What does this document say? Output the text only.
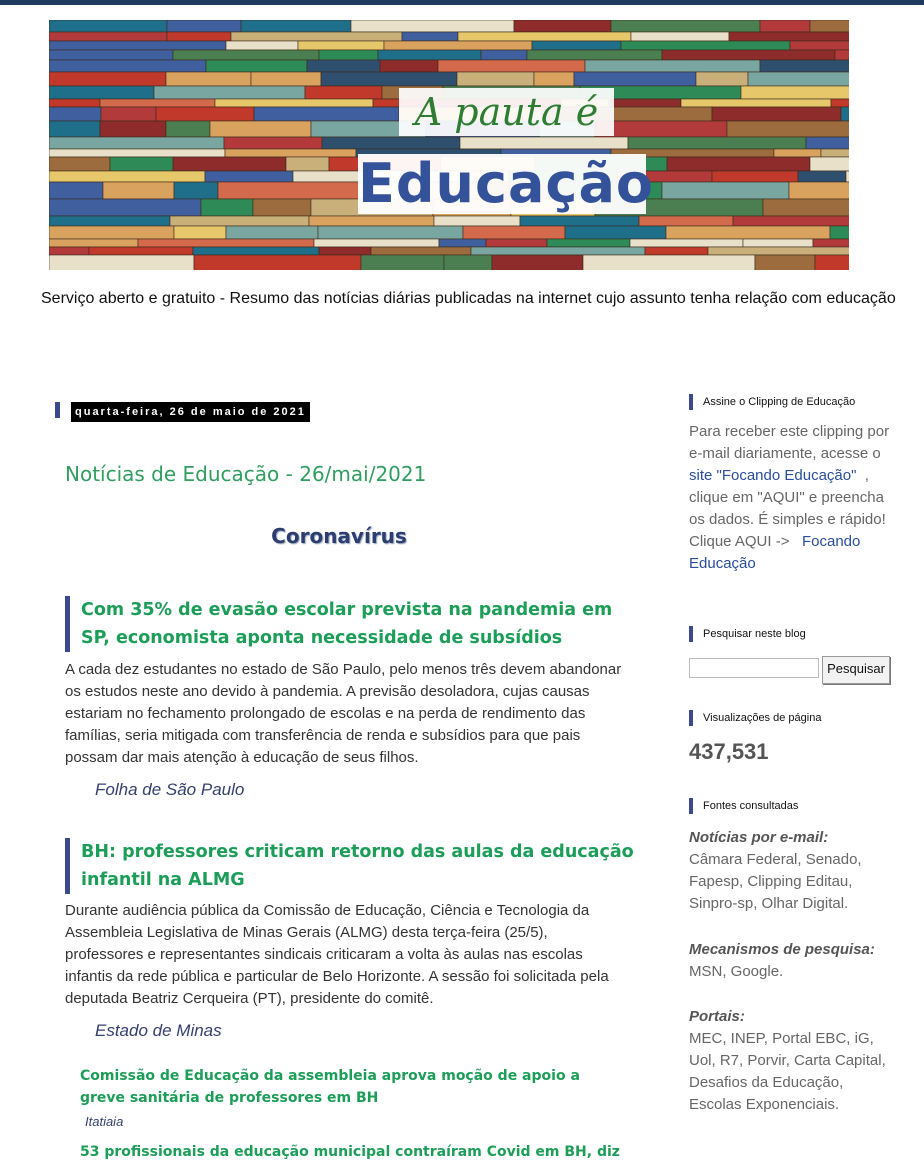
A pauta é
Educação
Serviço aberto e gratuito - Resumo das notícias diárias publicadas na internet cujo assunto tenha relação com educação
quarta-feira, 26 de maio de 2021
Notícias de Educação - 26/mai/2021
Coronavírus
Com 35% de evasão escolar prevista na pandemia em SP, economista aponta necessidade de subsídios
A cada dez estudantes no estado de São Paulo, pelo menos três devem abandonar os estudos neste ano devido à pandemia. A previsão desoladora, cujas causas estariam no fechamento prolongado de escolas e na perda de rendimento das famílias, seria mitigada com transferência de renda e subsídios para que pais possam dar mais atenção à educação de seus filhos.
Folha de São Paulo
BH: professores criticam retorno das aulas da educação infantil na ALMG
Durante audiência pública da Comissão de Educação, Ciência e Tecnologia da Assembleia Legislativa de Minas Gerais (ALMG) desta terça-feira (25/5), professores e representantes sindicais criticaram a volta às aulas nas escolas infantis da rede pública e particular de Belo Horizonte. A sessão foi solicitada pela deputada Beatriz Cerqueira (PT), presidente do comitê.
Estado de Minas
Comissão de Educação da assembleia aprova moção de apoio a greve sanitária de professores em BH
Itatiaia
53 profissionais da educação municipal contraíram Covid em BH, diz
Assine o Clipping de Educação
Para receber este clipping por e-mail diariamente, acesse o   site "Focando Educação" , clique em "AQUI" e preencha os dados. É simples e rápido! Clique AQUI -> Focando Educação
Pesquisar neste blog
Pesquisar
Visualizações de página
437,531
Fontes consultadas
Notícias por e-mail:
Câmara Federal, Senado, Fapesp, Clipping Editau, Sinpro-sp, Olhar Digital.
Mecanismos de pesquisa:
MSN, Google.
Portais:
MEC, INEP, Portal EBC, iG, Uol, R7, Porvir, Carta Capital, Desafios da Educação, Escolas Exponenciais.
